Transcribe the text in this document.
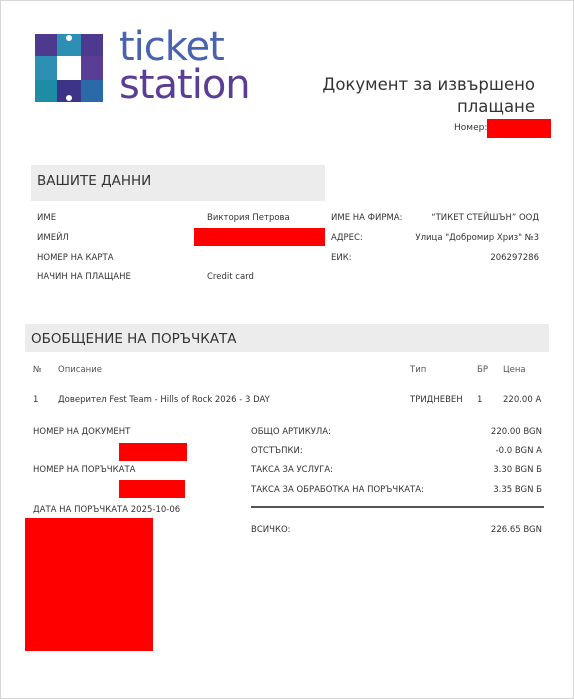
ticket
station	Документ за извършено плащане
Номер:
ВАШИТЕ ДАННИ
ИМЕ	Виктория Петрова
ИМЕЙЛ
НОМЕР НА КАРТА
НАЧИН НА ПЛАЩАНЕ	Credit card
ИМЕ НА ФИРМА:	“ТИКЕТ СТЕЙШЪН” ООД
АДРЕС:	Улица "Добромир Хриз" №3
ЕИК:	206297286
ОБОБЩЕНИЕ НА ПОРЪЧКАТА
№ Описание	Тип	БР Цена
1 Доверител Fest Team - Hills of Rock 2026 - 3 DAY	ТРИДНЕВЕН 1 220.00 А
НОМЕР НА ДОКУМЕНТ
НОМЕР НА ПОРЪЧКАТА
ДАТА НА ПОРЪЧКАТА 2025-10-06
ОБЩО АРТИКУЛА:	220.00 BGN
ОТСТЪПКИ:	-0.0 BGN А
ТАКСА ЗА УСЛУГА:	3.30 BGN Б
ТАКСА ЗА ОБРАБОТКА НА ПОРЪЧКАТА:	3.35 BGN Б
ВСИЧКО:	226.65 BGN
